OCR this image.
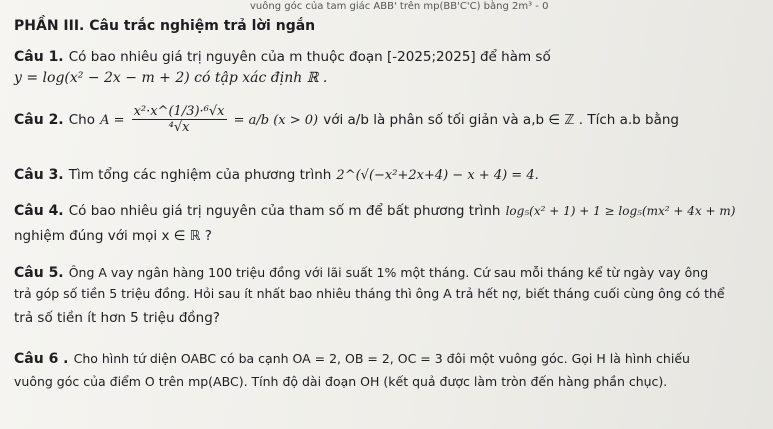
vuông góc của tam giác ABB' trên mp(BB'C'C) bằng 2m³ - 0
PHẦN III. Câu trắc nghiệm trả lời ngắn
Câu 1. Có bao nhiêu giá trị nguyên của m thuộc đoạn [-2025;2025] để hàm số
y = log(x² − 2x − m + 2) có tập xác định ℝ .
Câu 2. Cho $A = \frac{\text{x²·x\textasciicircum{}(1/3)·⁶√x}}{\text{⁴√x}} = a/b$ (x > 0) với a/b là phân số tối giản và a,b ∈ ℤ . Tích a.b bằng
Câu 3. Tìm tổng các nghiệm của phương trình 2^(√(−x²+2x+4) − x + 4) = 4.
Câu 4. Có bao nhiêu giá trị nguyên của tham số m để bất phương trình log₅(x² + 1) + 1 ≥ log₅(mx² + 4x + m)
nghiệm đúng với mọi x ∈ ℝ ?
Câu 5. Ông A vay ngân hàng 100 triệu đồng với lãi suất 1% một tháng. Cứ sau mỗi tháng kể từ ngày vay ông
trả góp số tiền 5 triệu đồng. Hỏi sau ít nhất bao nhiêu tháng thì ông A trả hết nợ, biết tháng cuối cùng ông có thể
trả số tiền ít hơn 5 triệu đồng?
Câu 6 . Cho hình tứ diện OABC có ba cạnh OA = 2, OB = 2, OC = 3 đôi một vuông góc. Gọi H là hình chiếu
vuông góc của điểm O trên mp(ABC). Tính độ dài đoạn OH (kết quả được làm tròn đến hàng phần chục).
